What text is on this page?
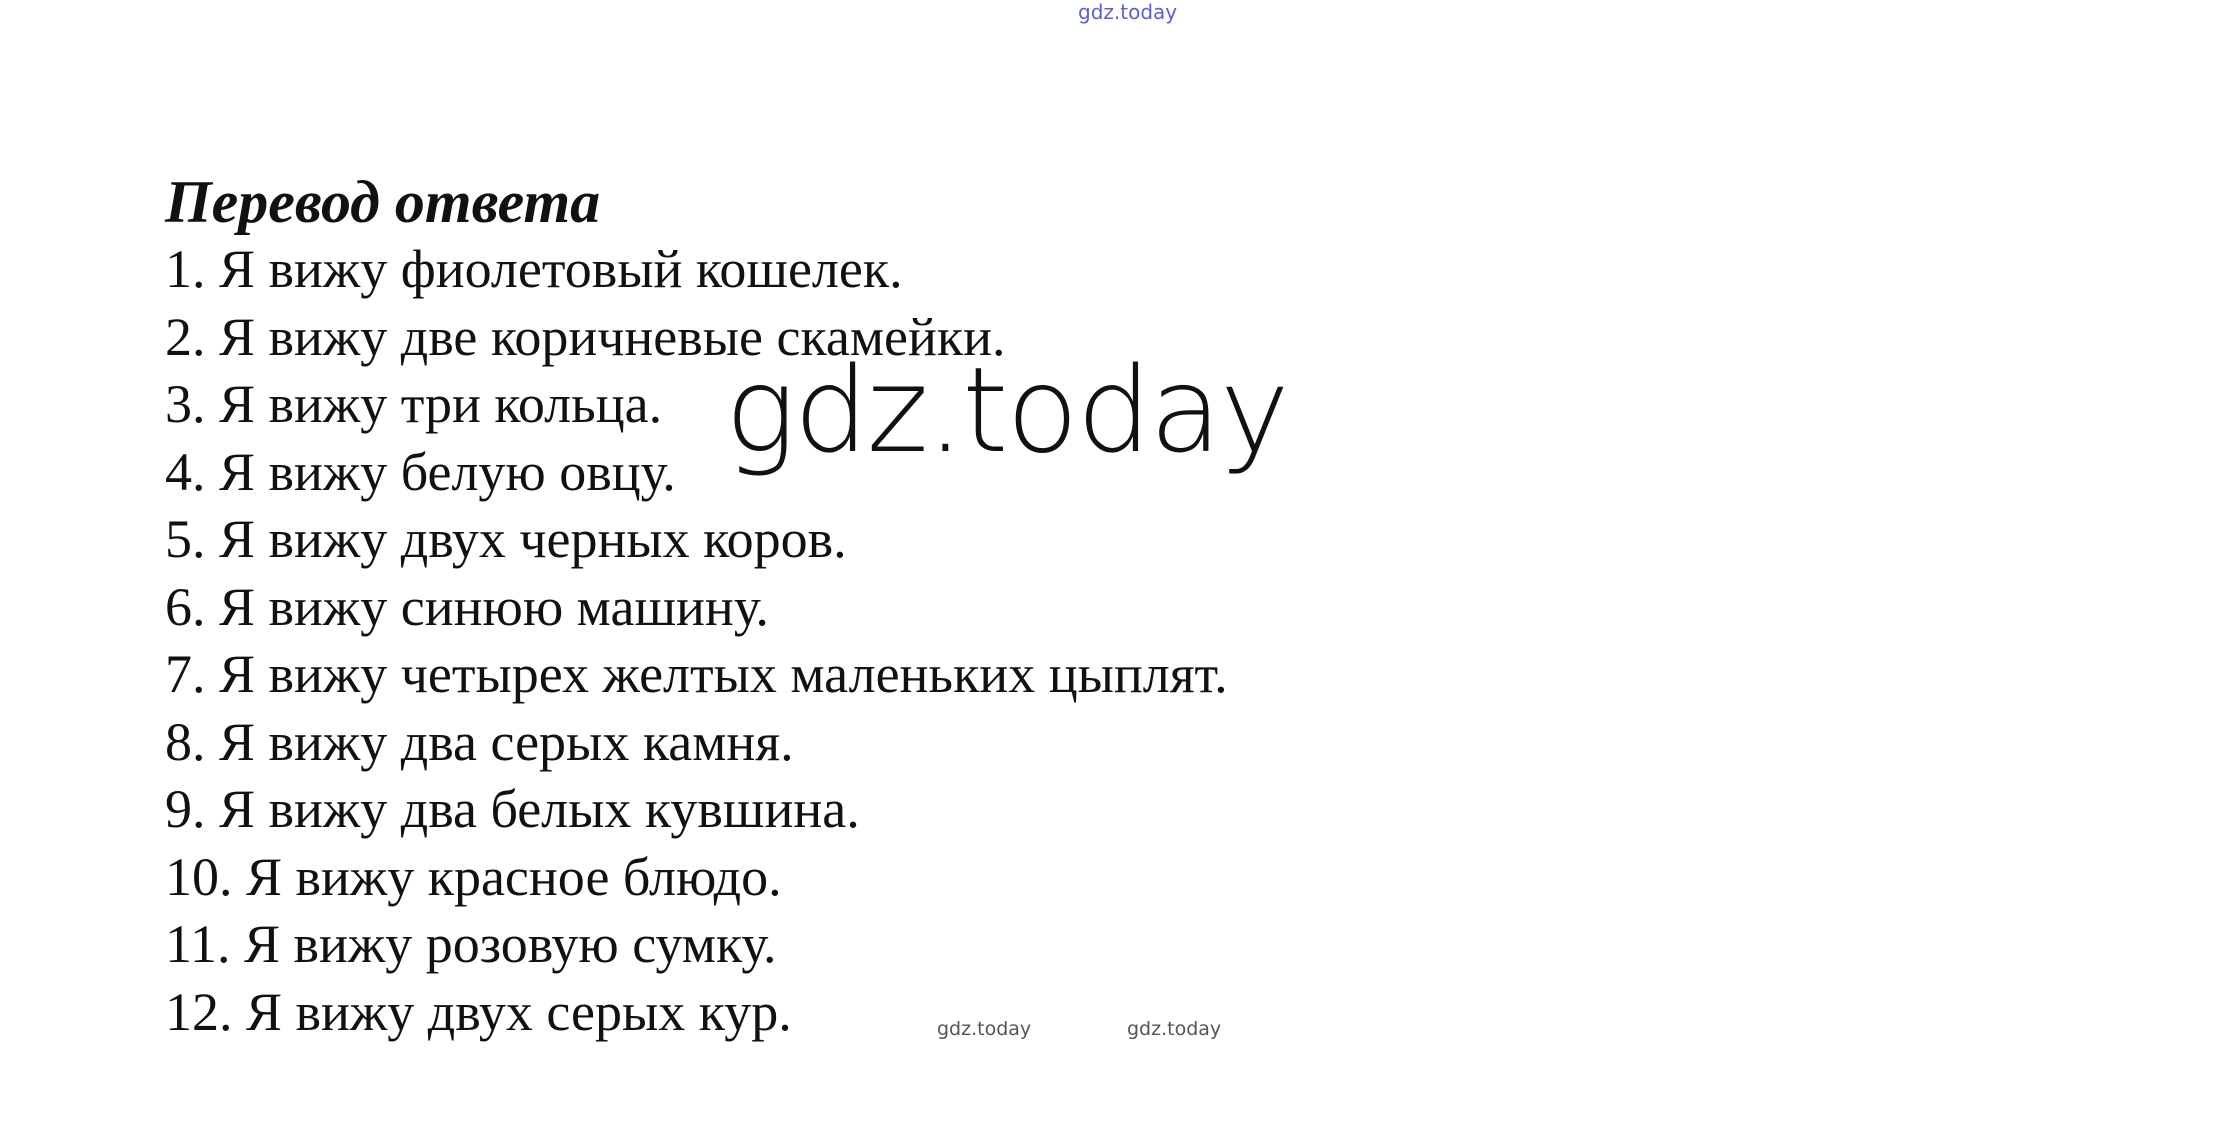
gdz.today
Перевод ответа
1. Я вижу фиолетовый кошелек.
2. Я вижу две коричневые скамейки.
3. Я вижу три кольца.
4. Я вижу белую овцу.
5. Я вижу двух черных коров.
6. Я вижу синюю машину.
7. Я вижу четырех желтых маленьких цыплят.
8. Я вижу два серых камня.
9. Я вижу два белых кувшина.
10. Я вижу красное блюдо.
11. Я вижу розовую сумку.
12. Я вижу двух серых кур.
gdz.today
gdz.today	gdz.today
